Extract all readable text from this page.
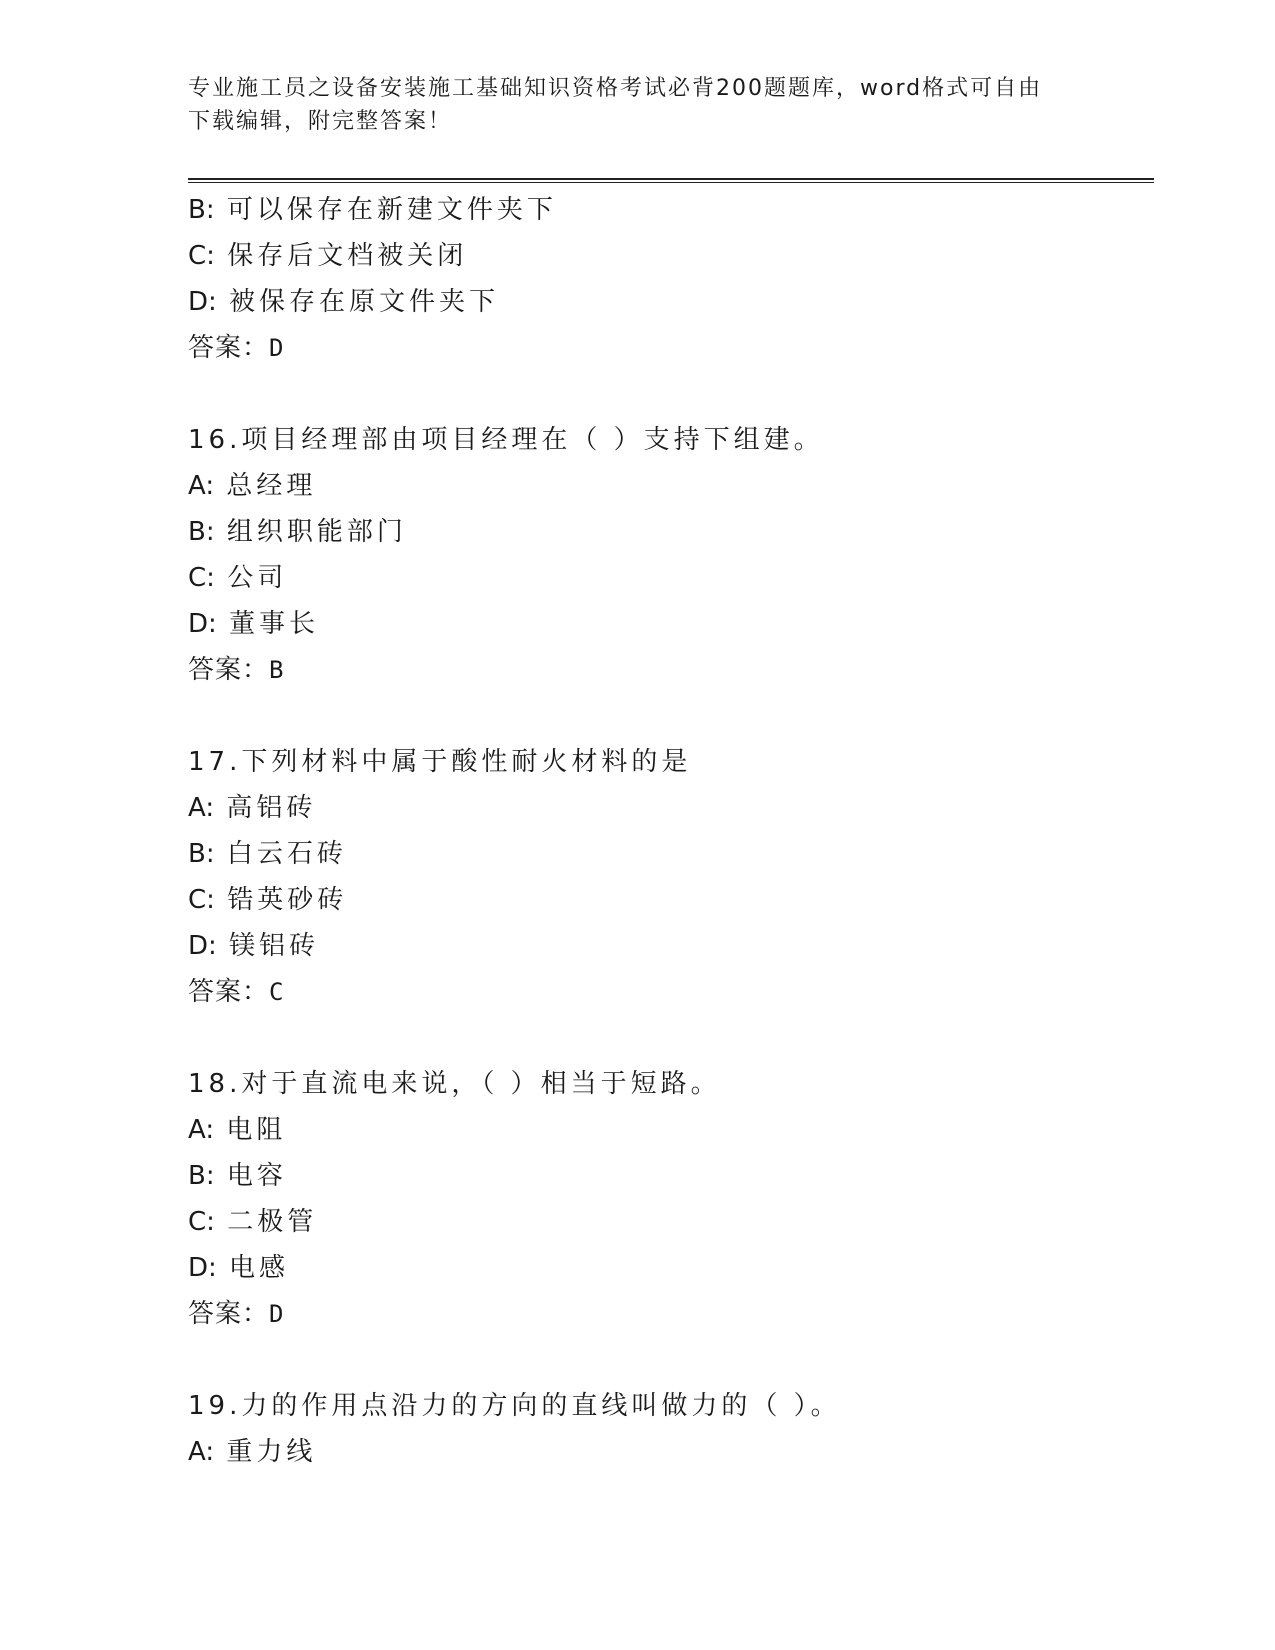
专业施工员之设备安装施工基础知识资格考试必背200题题库，word格式可自由
下载编辑，附完整答案！
B: 可以保存在新建文件夹下
C: 保存后文档被关闭
D: 被保存在原文件夹下
答案：D
16.项目经理部由项目经理在（ ）支持下组建。
A: 总经理
B: 组织职能部门
C: 公司
D: 董事长
答案：B
17.下列材料中属于酸性耐火材料的是
A: 高铝砖
B: 白云石砖
C: 锆英砂砖
D: 镁铝砖
答案：C
18.对于直流电来说，（ ）相当于短路。
A: 电阻
B: 电容
C: 二极管
D: 电感
答案：D
19.力的作用点沿力的方向的直线叫做力的（ ）。
A: 重力线
